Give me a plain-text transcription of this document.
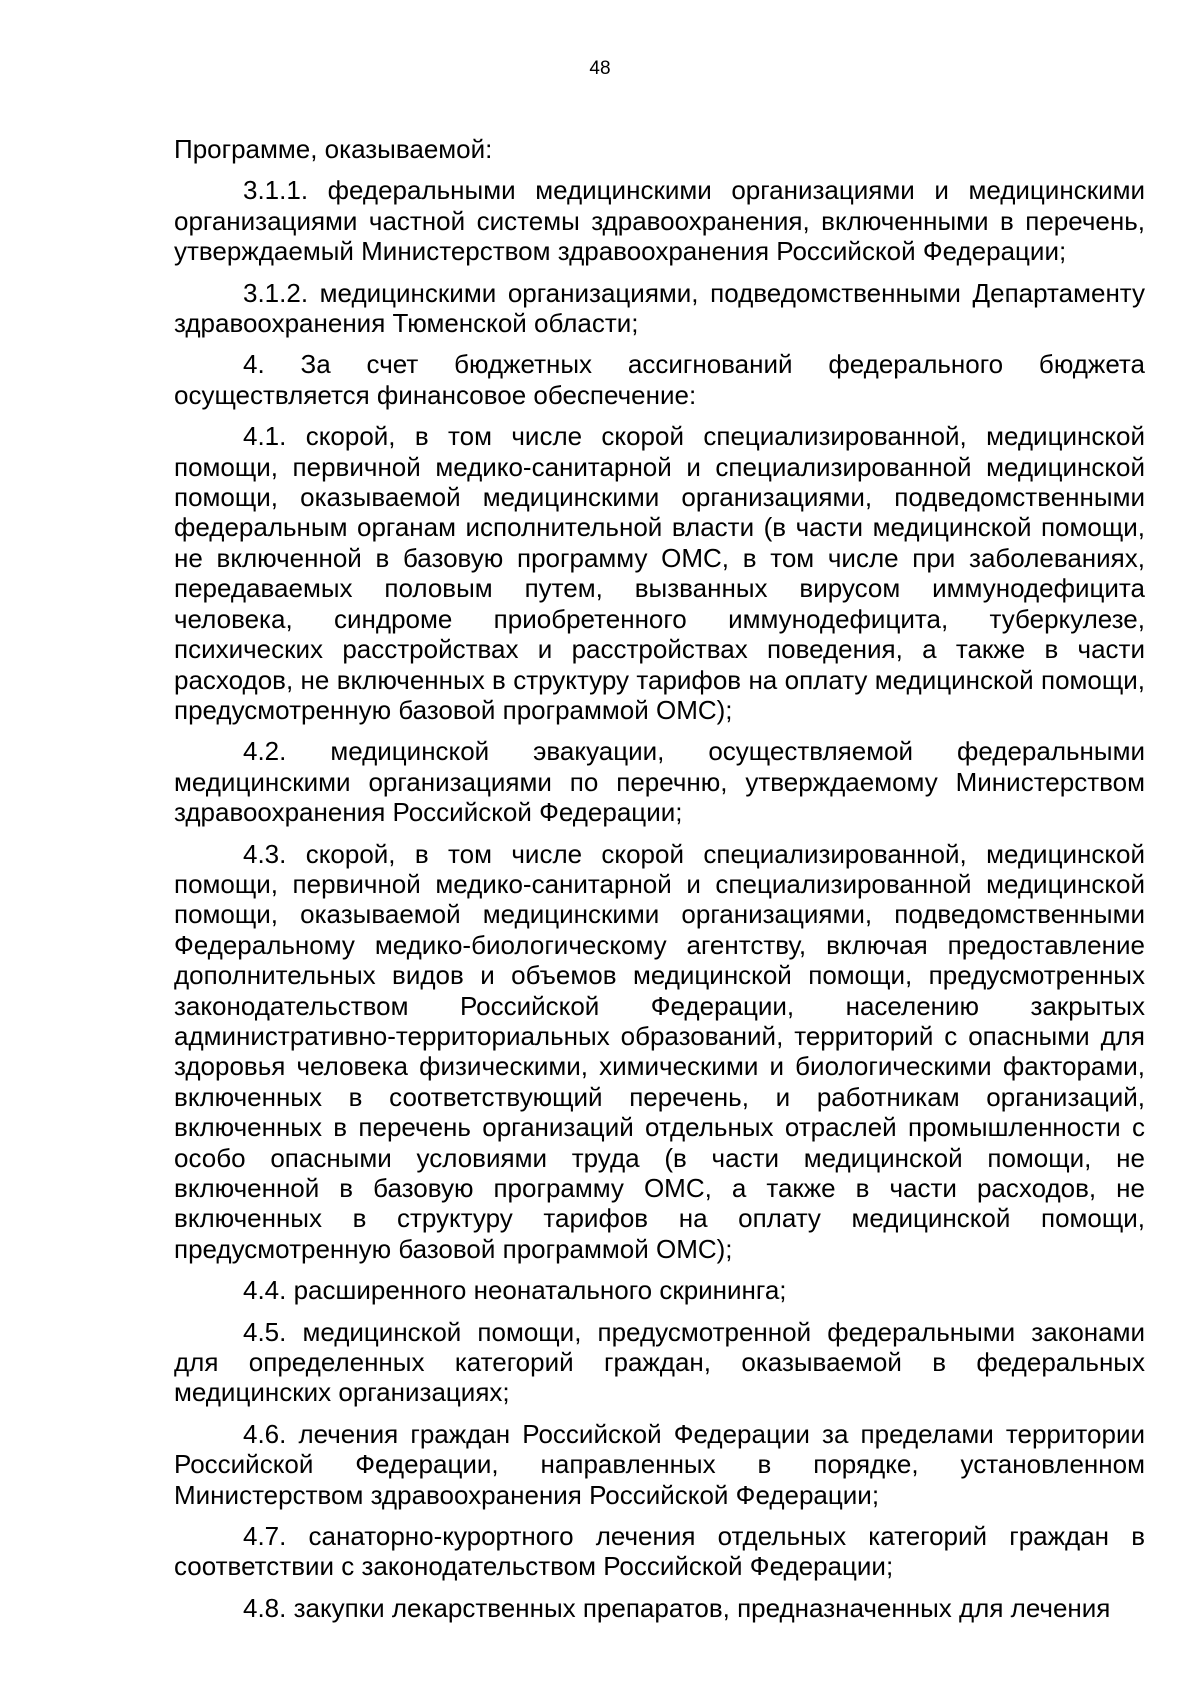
48

Программе, оказываемой:

3.1.1. федеральными медицинскими организациями и медицинскими организациями частной системы здравоохранения, включенными в перечень, утверждаемый Министерством здравоохранения Российской Федерации;

3.1.2. медицинскими организациями, подведомственными Департаменту здравоохранения Тюменской области;

4. За счет бюджетных ассигнований федерального бюджета осуществляется финансовое обеспечение:

4.1. скорой, в том числе скорой специализированной, медицинской помощи, первичной медико-санитарной и специализированной медицинской помощи, оказываемой медицинскими организациями, подведомственными федеральным органам исполнительной власти (в части медицинской помощи, не включенной в базовую программу ОМС, в том числе при заболеваниях, передаваемых половым путем, вызванных вирусом иммунодефицита человека, синдроме приобретенного иммунодефицита, туберкулезе, психических расстройствах и расстройствах поведения, а также в части расходов, не включенных в структуру тарифов на оплату медицинской помощи, предусмотренную базовой программой ОМС);

4.2. медицинской эвакуации, осуществляемой федеральными медицинскими организациями по перечню, утверждаемому Министерством здравоохранения Российской Федерации;

4.3. скорой, в том числе скорой специализированной, медицинской помощи, первичной медико-санитарной и специализированной медицинской помощи, оказываемой медицинскими организациями, подведомственными Федеральному медико-биологическому агентству, включая предоставление дополнительных видов и объемов медицинской помощи, предусмотренных законодательством Российской Федерации, населению закрытых административно-территориальных образований, территорий с опасными для здоровья человека физическими, химическими и биологическими факторами, включенных в соответствующий перечень, и работникам организаций, включенных в перечень организаций отдельных отраслей промышленности с особо опасными условиями труда (в части медицинской помощи, не включенной в базовую программу ОМС, а также в части расходов, не включенных в структуру тарифов на оплату медицинской помощи, предусмотренную базовой программой ОМС);

4.4. расширенного неонатального скрининга;

4.5. медицинской помощи, предусмотренной федеральными законами для определенных категорий граждан, оказываемой в федеральных медицинских организациях;

4.6. лечения граждан Российской Федерации за пределами территории Российской Федерации, направленных в порядке, установленном Министерством здравоохранения Российской Федерации;

4.7. санаторно-курортного лечения отдельных категорий граждан в соответствии с законодательством Российской Федерации;

4.8. закупки лекарственных препаратов, предназначенных для лечения
